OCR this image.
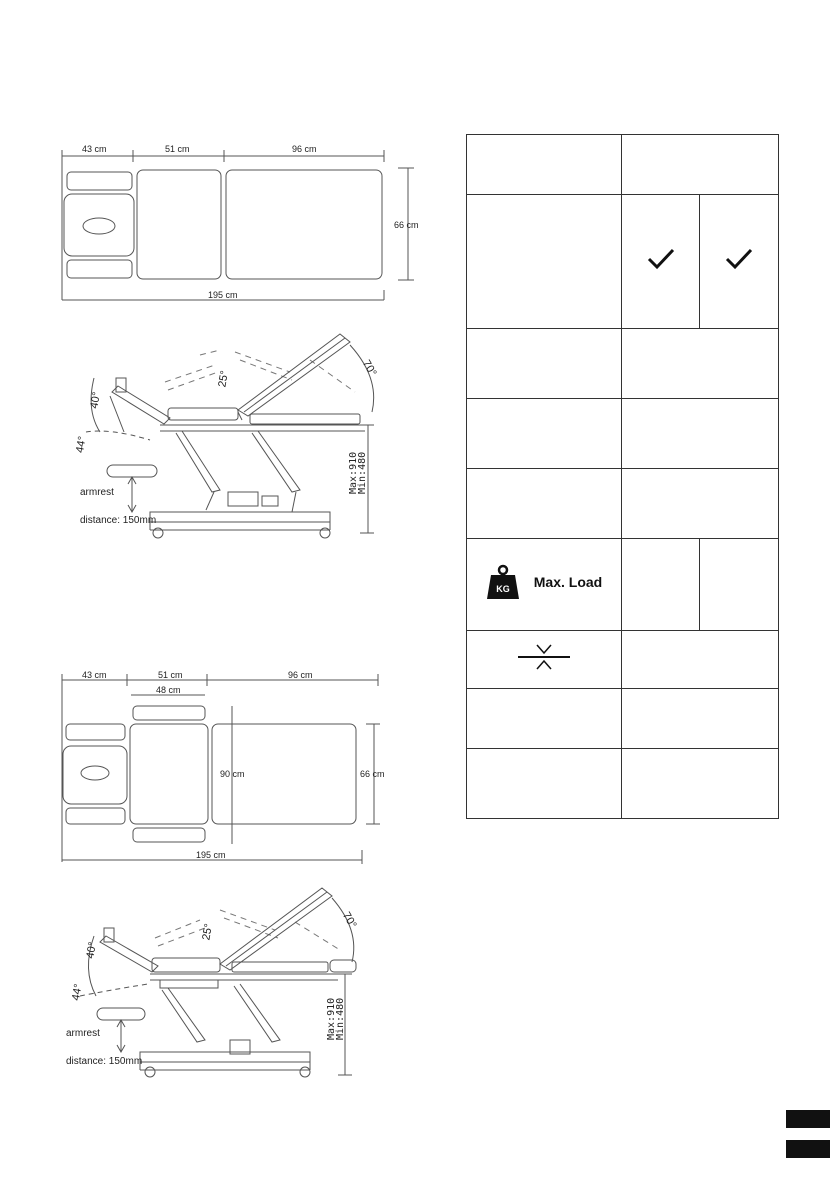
43 cm	51 cm	96 cm
66 cm
195 cm
25°
70°
40°
44°
armrest
distance: 150mm
Max:910
Min:480
43 cm	51 cm	96 cm
48 cm
90 cm	66 cm
195 cm
25°
70°
40°
44°
armrest
distance: 150mm
Max:910
Min:480

KG Max. Load		
